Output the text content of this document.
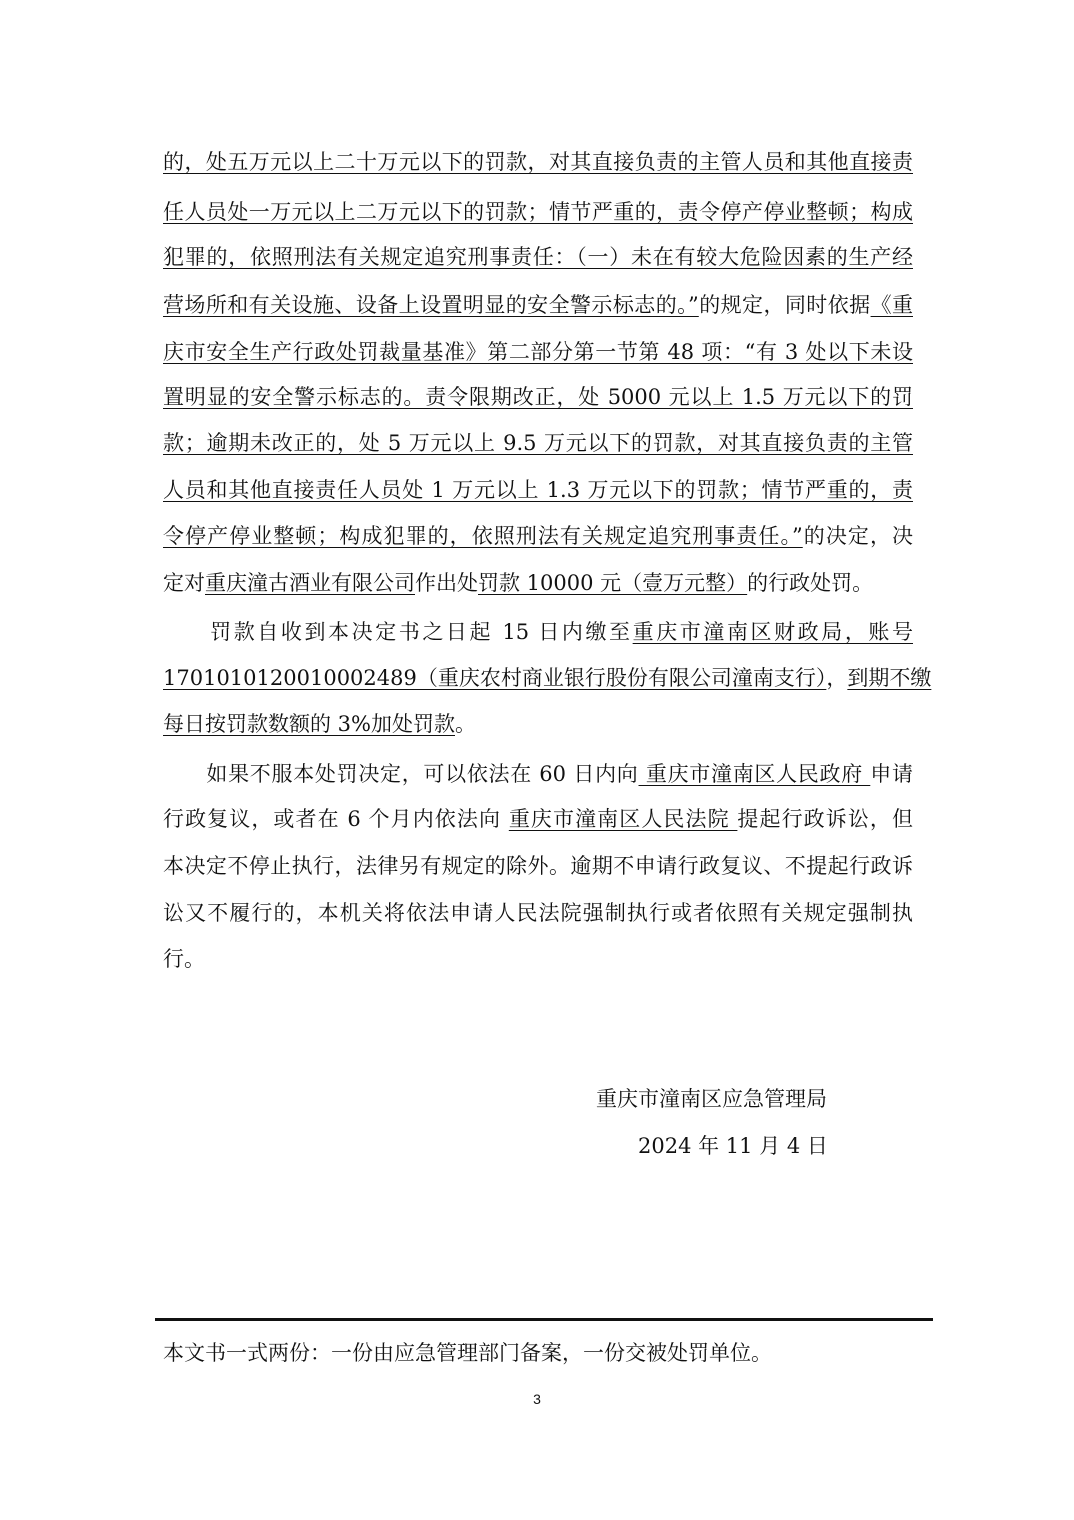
的，处五万元以上二十万元以下的罚款，对其直接负责的主管人员和其他直接责
任人员处一万元以上二万元以下的罚款；情节严重的，责令停产停业整顿；构成
犯罪的，依照刑法有关规定追究刑事责任：（一）未在有较大危险因素的生产经
营场所和有关设施、设备上设置明显的安全警示标志的。”的规定，同时依据《重
庆市安全生产行政处罚裁量基准》第二部分第一节第 48 项：“有 3 处以下未设
置明显的安全警示标志的。责令限期改正，处 5000 元以上 1.5 万元以下的罚
款；逾期未改正的，处 5 万元以上 9.5 万元以下的罚款，对其直接负责的主管
人员和其他直接责任人员处 1 万元以上 1.3 万元以下的罚款；情节严重的，责
令停产停业整顿；构成犯罪的，依照刑法有关规定追究刑事责任。”的决定，决
定对重庆潼古酒业有限公司作出处罚款 10000 元（壹万元整）的行政处罚。
　　罚款自收到本决定书之日起 15 日内缴至重庆市潼南区财政局，账号
1701010120010002489（重庆农村商业银行股份有限公司潼南支行），到期不缴
每日按罚款数额的 3%加处罚款。
　　如果不服本处罚决定，可以依法在 60 日内向 重庆市潼南区人民政府 申请
行政复议，或者在 6 个月内依法向 重庆市潼南区人民法院 提起行政诉讼，但
本决定不停止执行，法律另有规定的除外。逾期不申请行政复议、不提起行政诉
讼又不履行的，本机关将依法申请人民法院强制执行或者依照有关规定强制执
行。
重庆市潼南区应急管理局
2024 年 11 月 4 日
本文书一式两份：一份由应急管理部门备案，一份交被处罚单位。
3
